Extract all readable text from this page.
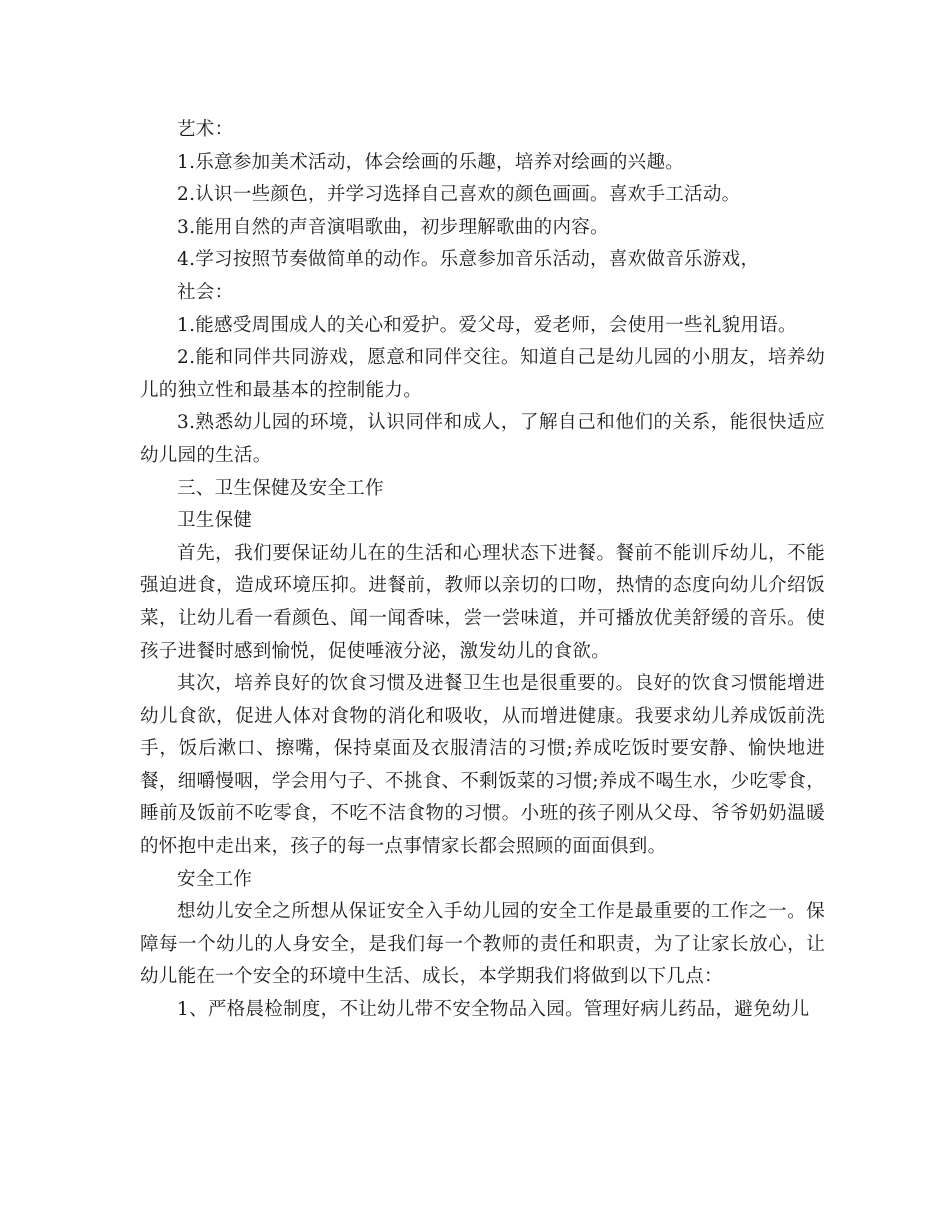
艺术：

1.乐意参加美术活动，体会绘画的乐趣，培养对绘画的兴趣。

2.认识一些颜色，并学习选择自己喜欢的颜色画画。喜欢手工活动。

3.能用自然的声音演唱歌曲，初步理解歌曲的内容。

4.学习按照节奏做简单的动作。乐意参加音乐活动，喜欢做音乐游戏，

社会：

1.能感受周围成人的关心和爱护。爱父母，爱老师，会使用一些礼貌用语。

2.能和同伴共同游戏，愿意和同伴交往。知道自己是幼儿园的小朋友，培养幼儿的独立性和最基本的控制能力。

3.熟悉幼儿园的环境，认识同伴和成人，了解自己和他们的关系，能很快适应幼儿园的生活。

三、卫生保健及安全工作

卫生保健

首先，我们要保证幼儿在的生活和心理状态下进餐。餐前不能训斥幼儿，不能强迫进食，造成环境压抑。进餐前，教师以亲切的口吻，热情的态度向幼儿介绍饭菜，让幼儿看一看颜色、闻一闻香味，尝一尝味道，并可播放优美舒缓的音乐。使孩子进餐时感到愉悦，促使唾液分泌，激发幼儿的食欲。

其次，培养良好的饮食习惯及进餐卫生也是很重要的。良好的饮食习惯能增进幼儿食欲，促进人体对食物的消化和吸收，从而增进健康。我要求幼儿养成饭前洗手，饭后漱口、擦嘴，保持桌面及衣服清洁的习惯;养成吃饭时要安静、愉快地进餐，细嚼慢咽，学会用勺子、不挑食、不剩饭菜的习惯;养成不喝生水，少吃零食，睡前及饭前不吃零食，不吃不洁食物的习惯。小班的孩子刚从父母、爷爷奶奶温暖的怀抱中走出来，孩子的每一点事情家长都会照顾的面面俱到。

安全工作

想幼儿安全之所想从保证安全入手幼儿园的安全工作是最重要的工作之一。保障每一个幼儿的人身安全，是我们每一个教师的责任和职责，为了让家长放心，让幼儿能在一个安全的环境中生活、成长，本学期我们将做到以下几点：

1、严格晨检制度，不让幼儿带不安全物品入园。管理好病儿药品，避免幼儿
